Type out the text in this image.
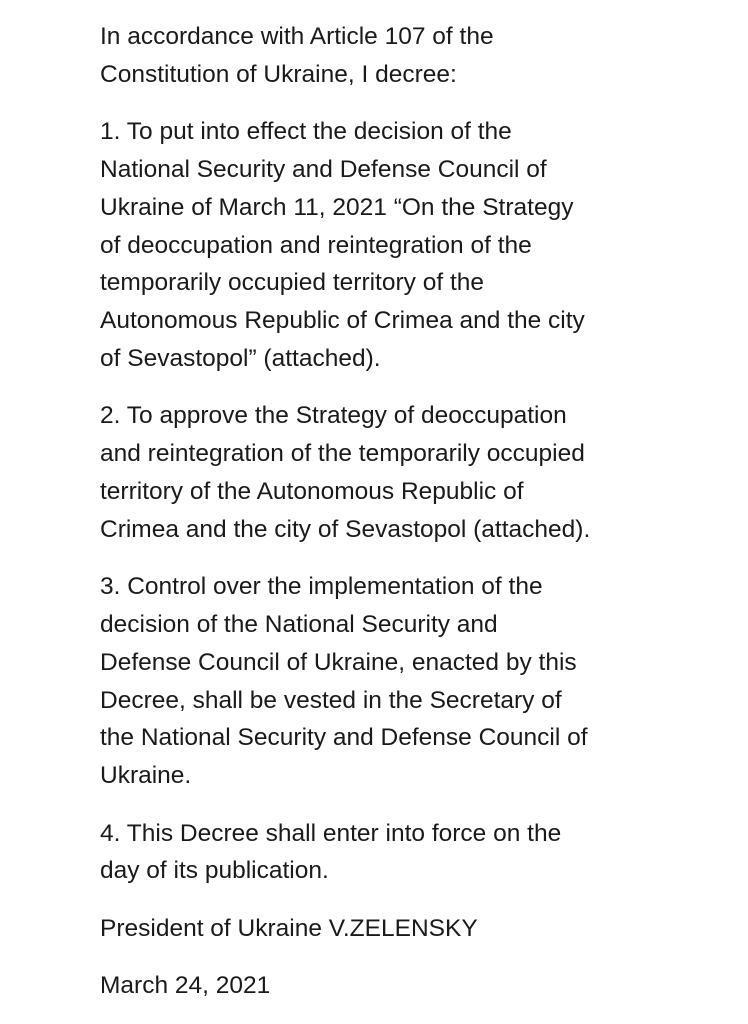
In accordance with Article 107 of the
Constitution of Ukraine, I decree:

1. To put into effect the decision of the
National Security and Defense Council of
Ukraine of March 11, 2021 “On the Strategy
of deoccupation and reintegration of the
temporarily occupied territory of the
Autonomous Republic of Crimea and the city
of Sevastopol” (attached).

2. To approve the Strategy of deoccupation
and reintegration of the temporarily occupied
territory of the Autonomous Republic of
Crimea and the city of Sevastopol (attached).

3. Control over the implementation of the
decision of the National Security and
Defense Council of Ukraine, enacted by this
Decree, shall be vested in the Secretary of
the National Security and Defense Council of
Ukraine.

4. This Decree shall enter into force on the
day of its publication.

President of Ukraine V.ZELENSKY

March 24, 2021
